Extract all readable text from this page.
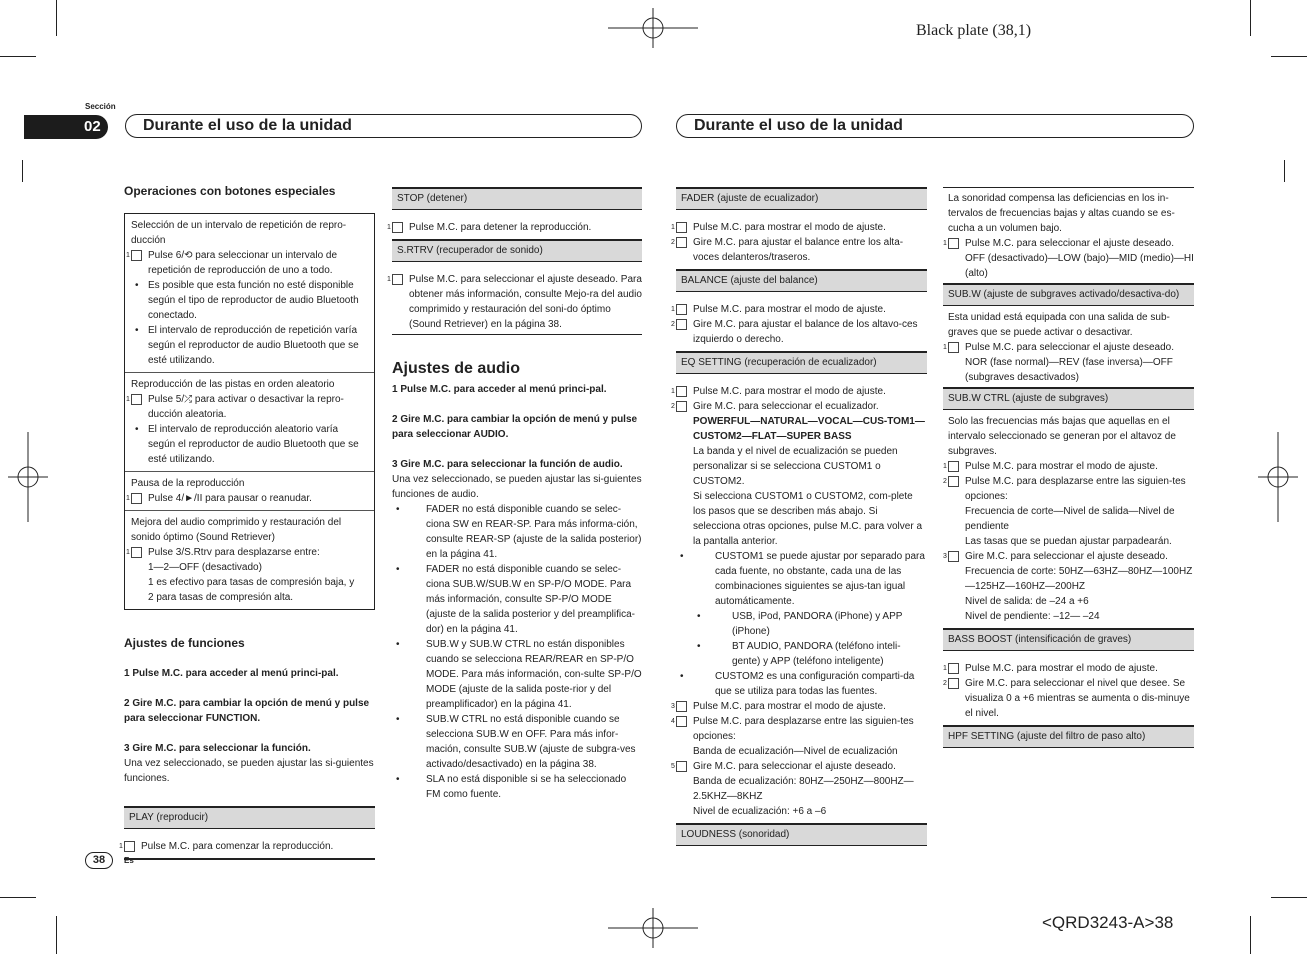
Black plate (38,1)
<QRD3243-A>38
Sección
02	Durante el uso de la unidad	Durante el uso de la unidad

Operaciones con botones especiales

Selección de un intervalo de repetición de repro-ducción

1 Pulse 6/⟲ para seleccionar un intervalo de repetición de reproducción de uno a todo.

• Es posible que esta función no esté disponible según el tipo de reproductor de audio Bluetooth conectado.

• El intervalo de reproducción de repetición varía según el reproductor de audio Bluetooth que se esté utilizando.

Reproducción de las pistas en orden aleatorio

1 Pulse 5/⤮ para activar o desactivar la repro-ducción aleatoria.

• El intervalo de reproducción aleatorio varía según el reproductor de audio Bluetooth que se esté utilizando.

Pausa de la reproducción

1 Pulse 4/►/II para pausar o reanudar.

Mejora del audio comprimido y restauración del sonido óptimo (Sound Retriever)

1 Pulse 3/S.Rtrv para desplazarse entre:

1—2—OFF (desactivado)

1 es efectivo para tasas de compresión baja, y

2 para tasas de compresión alta.

Ajustes de funciones

1 Pulse M.C. para acceder al menú princi-pal.

2 Gire M.C. para cambiar la opción de menú y pulse para seleccionar FUNCTION.

3 Gire M.C. para seleccionar la función.

Una vez seleccionado, se pueden ajustar las si-guientes funciones.

PLAY (reproducir)

1 Pulse M.C. para comenzar la reproducción.

STOP (detener)

1 Pulse M.C. para detener la reproducción.

S.RTRV (recuperador de sonido)

1 Pulse M.C. para seleccionar el ajuste deseado. Para obtener más información, consulte Mejo-ra del audio comprimido y restauración del soni-do óptimo (Sound Retriever) en la página 38.

Ajustes de audio

1 Pulse M.C. para acceder al menú princi-pal.

2 Gire M.C. para cambiar la opción de menú y pulse para seleccionar AUDIO.

3 Gire M.C. para seleccionar la función de audio.

Una vez seleccionado, se pueden ajustar las si-guientes funciones de audio.

• FADER no está disponible cuando se selec-ciona SW en REAR-SP. Para más informa-ción, consulte REAR-SP (ajuste de la salida posterior) en la página 41.

• FADER no está disponible cuando se selec-ciona SUB.W/SUB.W en SP-P/O MODE. Para más información, consulte SP-P/O MODE (ajuste de la salida posterior y del preamplifica-dor) en la página 41.

• SUB.W y SUB.W CTRL no están disponibles cuando se selecciona REAR/REAR en SP-P/O MODE. Para más información, con-sulte SP-P/O MODE (ajuste de la salida poste-rior y del preamplificador) en la página 41.

• SUB.W CTRL no está disponible cuando se selecciona SUB.W en OFF. Para más infor-mación, consulte SUB.W (ajuste de subgra-ves activado/desactivado) en la página 38.

• SLA no está disponible si se ha seleccionado FM como fuente.

FADER (ajuste de ecualizador)

1 Pulse M.C. para mostrar el modo de ajuste.

2 Gire M.C. para ajustar el balance entre los alta-voces delanteros/traseros.

BALANCE (ajuste del balance)

1 Pulse M.C. para mostrar el modo de ajuste.

2 Gire M.C. para ajustar el balance de los altavo-ces izquierdo o derecho.

EQ SETTING (recuperación de ecualizador)

1 Pulse M.C. para mostrar el modo de ajuste.

2 Gire M.C. para seleccionar el ecualizador.

POWERFUL—NATURAL—VOCAL—CUS-TOM1—CUSTOM2—FLAT—SUPER BASS

La banda y el nivel de ecualización se pueden personalizar si se selecciona CUSTOM1 o CUSTOM2.

Si selecciona CUSTOM1 o CUSTOM2, com-plete los pasos que se describen más abajo. Si selecciona otras opciones, pulse M.C. para volver a la pantalla anterior.

• CUSTOM1 se puede ajustar por separado para cada fuente, no obstante, cada una de las combinaciones siguientes se ajus-tan igual automáticamente.

• USB, iPod, PANDORA (iPhone) y APP (iPhone)

• BT AUDIO, PANDORA (teléfono inteli-gente) y APP (teléfono inteligente)

• CUSTOM2 es una configuración comparti-da que se utiliza para todas las fuentes.

3 Pulse M.C. para mostrar el modo de ajuste.

4 Pulse M.C. para desplazarse entre las siguien-tes opciones:

Banda de ecualización—Nivel de ecualización

5 Gire M.C. para seleccionar el ajuste deseado.

Banda de ecualización: 80HZ—250HZ—800HZ—2.5KHZ—8KHZ

Nivel de ecualización: +6 a –6

LOUDNESS (sonoridad)

La sonoridad compensa las deficiencias en los in-tervalos de frecuencias bajas y altas cuando se es-cucha a un volumen bajo.

1 Pulse M.C. para seleccionar el ajuste deseado.

OFF (desactivado)—LOW (bajo)—MID (medio)—HI (alto)

SUB.W (ajuste de subgraves activado/desactiva-do)

Esta unidad está equipada con una salida de sub-graves que se puede activar o desactivar.

1 Pulse M.C. para seleccionar el ajuste deseado.

NOR (fase normal)—REV (fase inversa)—OFF (subgraves desactivados)

SUB.W CTRL (ajuste de subgraves)

Solo las frecuencias más bajas que aquellas en el intervalo seleccionado se generan por el altavoz de subgraves.

1 Pulse M.C. para mostrar el modo de ajuste.

2 Pulse M.C. para desplazarse entre las siguien-tes opciones:

Frecuencia de corte—Nivel de salida—Nivel de pendiente

Las tasas que se puedan ajustar parpadearán.

3 Gire M.C. para seleccionar el ajuste deseado.

Frecuencia de corte: 50HZ—63HZ—80HZ—100HZ—125HZ—160HZ—200HZ

Nivel de salida: de –24 a +6

Nivel de pendiente: –12— –24

BASS BOOST (intensificación de graves)

1 Pulse M.C. para mostrar el modo de ajuste.

2 Gire M.C. para seleccionar el nivel que desee. Se visualiza 0 a +6 mientras se aumenta o dis-minuye el nivel.

HPF SETTING (ajuste del filtro de paso alto)
38	Es
